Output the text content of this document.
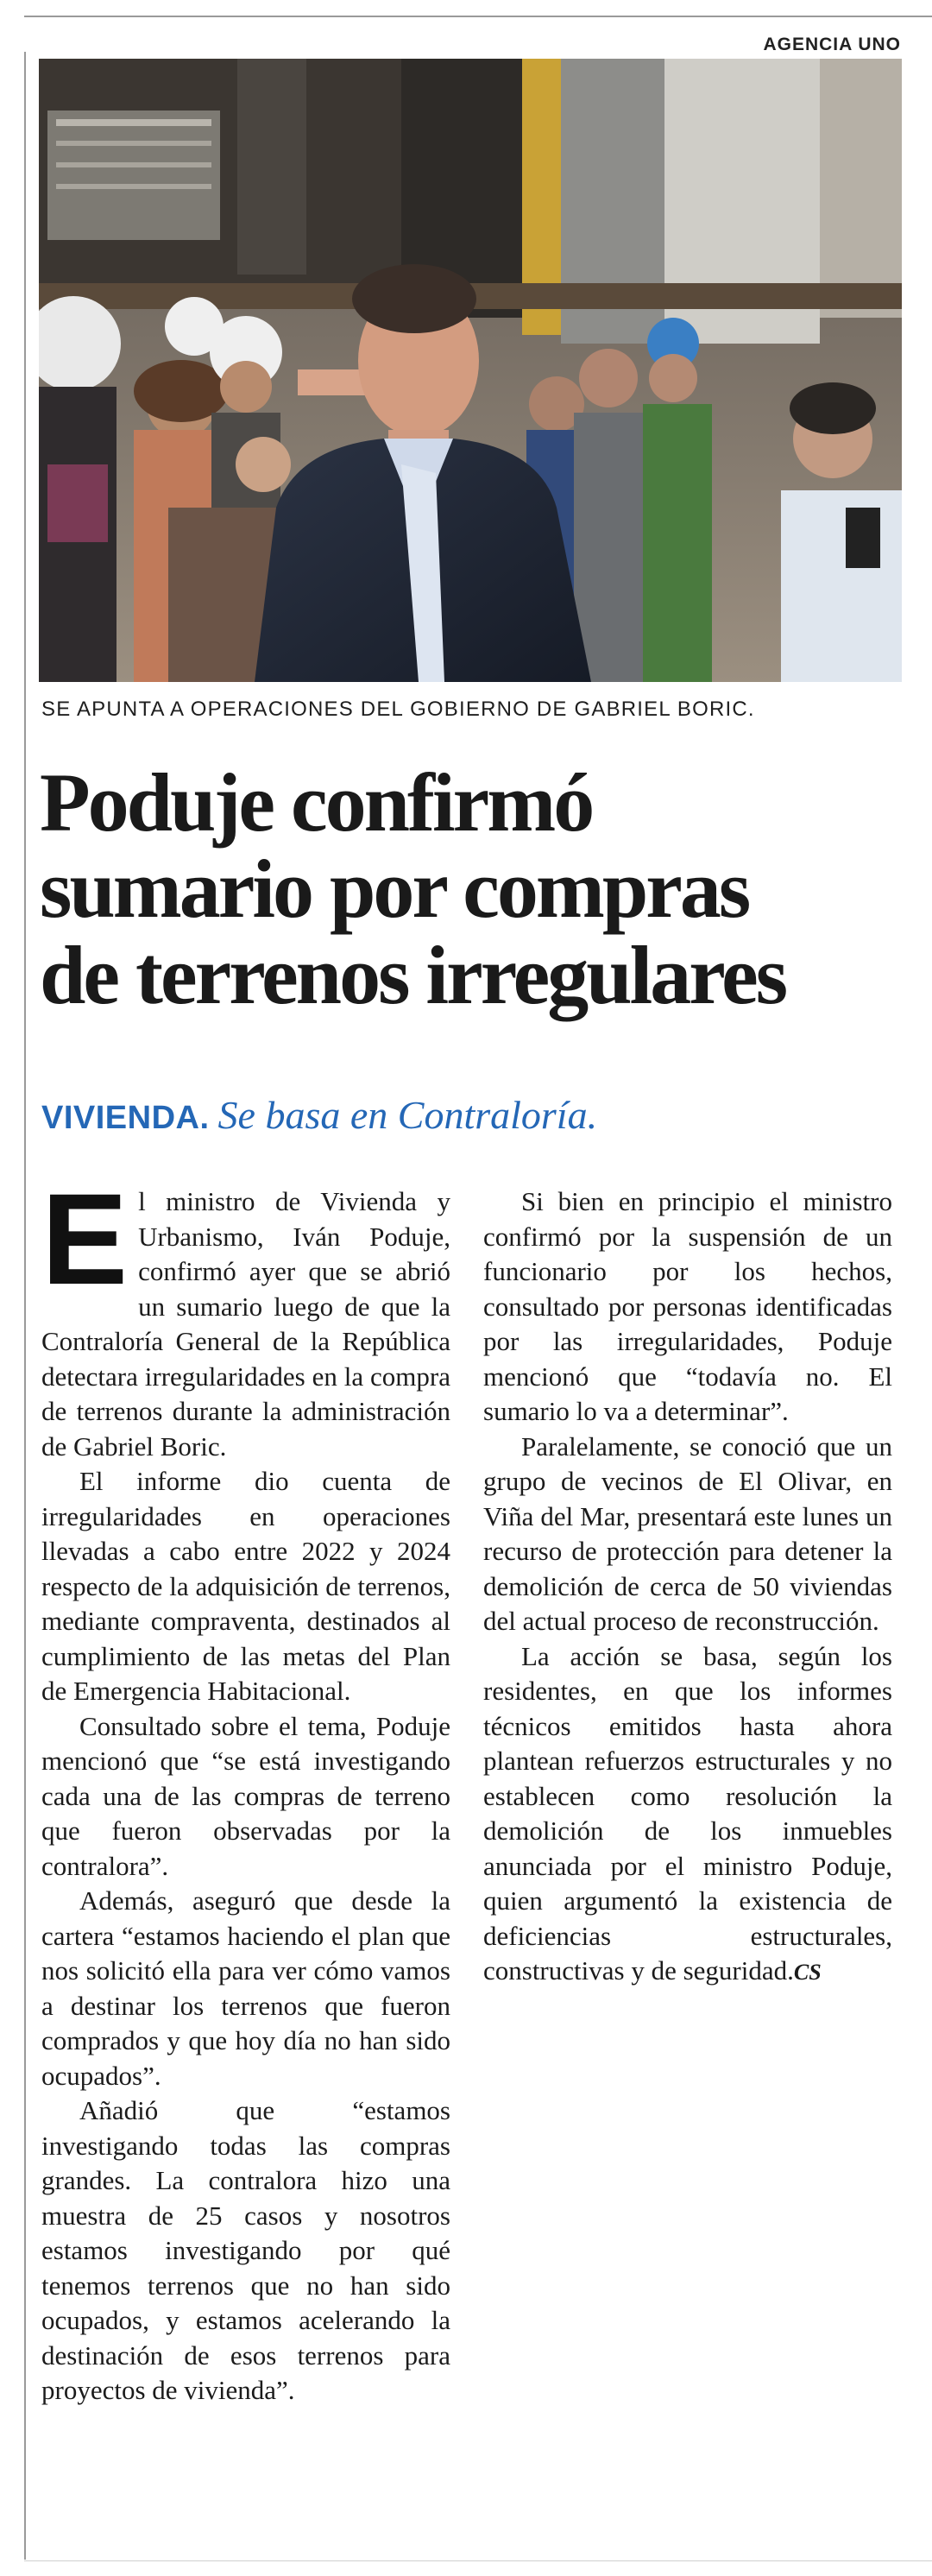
AGENCIA UNO
SE APUNTA A OPERACIONES DEL GOBIERNO DE GABRIEL BORIC.
Poduje confirmó
sumario por compras
de terrenos irregulares
VIVIENDA. Se basa en Contraloría.

El ministro de Vivienda y Urbanismo, Iván Poduje, confirmó ayer que se abrió un sumario luego de que la Contraloría General de la República detectara irregularidades en la compra de terrenos durante la administración de Gabriel Boric.

El informe dio cuenta de irregularidades en operaciones llevadas a cabo entre 2022 y 2024 respecto de la adquisición de terrenos, mediante compraventa, destinados al cumplimiento de las metas del Plan de Emergencia Habitacional.

Consultado sobre el tema, Poduje mencionó que “se está investigando cada una de las compras de terreno que fueron observadas por la contralora”.

Además, aseguró que desde la cartera “estamos haciendo el plan que nos solicitó ella para ver cómo vamos a destinar los terrenos que fueron comprados y que hoy día no han sido ocupados”.

Añadió que “estamos investigando todas las compras grandes. La contralora hizo una muestra de 25 casos y nosotros estamos investigando por qué tenemos terrenos que no han sido ocupados, y estamos acelerando la destinación de esos terrenos para proyectos de vivienda”.

Si bien en principio el ministro confirmó por la suspensión de un funcionario por los hechos, consultado por personas identificadas por las irregularidades, Poduje mencionó que “todavía no. El sumario lo va a determinar”.

Paralelamente, se conoció que un grupo de vecinos de El Olivar, en Viña del Mar, presentará este lunes un recurso de protección para detener la demolición de cerca de 50 viviendas del actual proceso de reconstrucción.

La acción se basa, según los residentes, en que los informes técnicos emitidos hasta ahora plantean refuerzos estructurales y no establecen como resolución la demolición de los inmuebles anunciada por el ministro Poduje, quien argumentó la existencia de deficiencias estructurales, constructivas y de seguridad.CS
